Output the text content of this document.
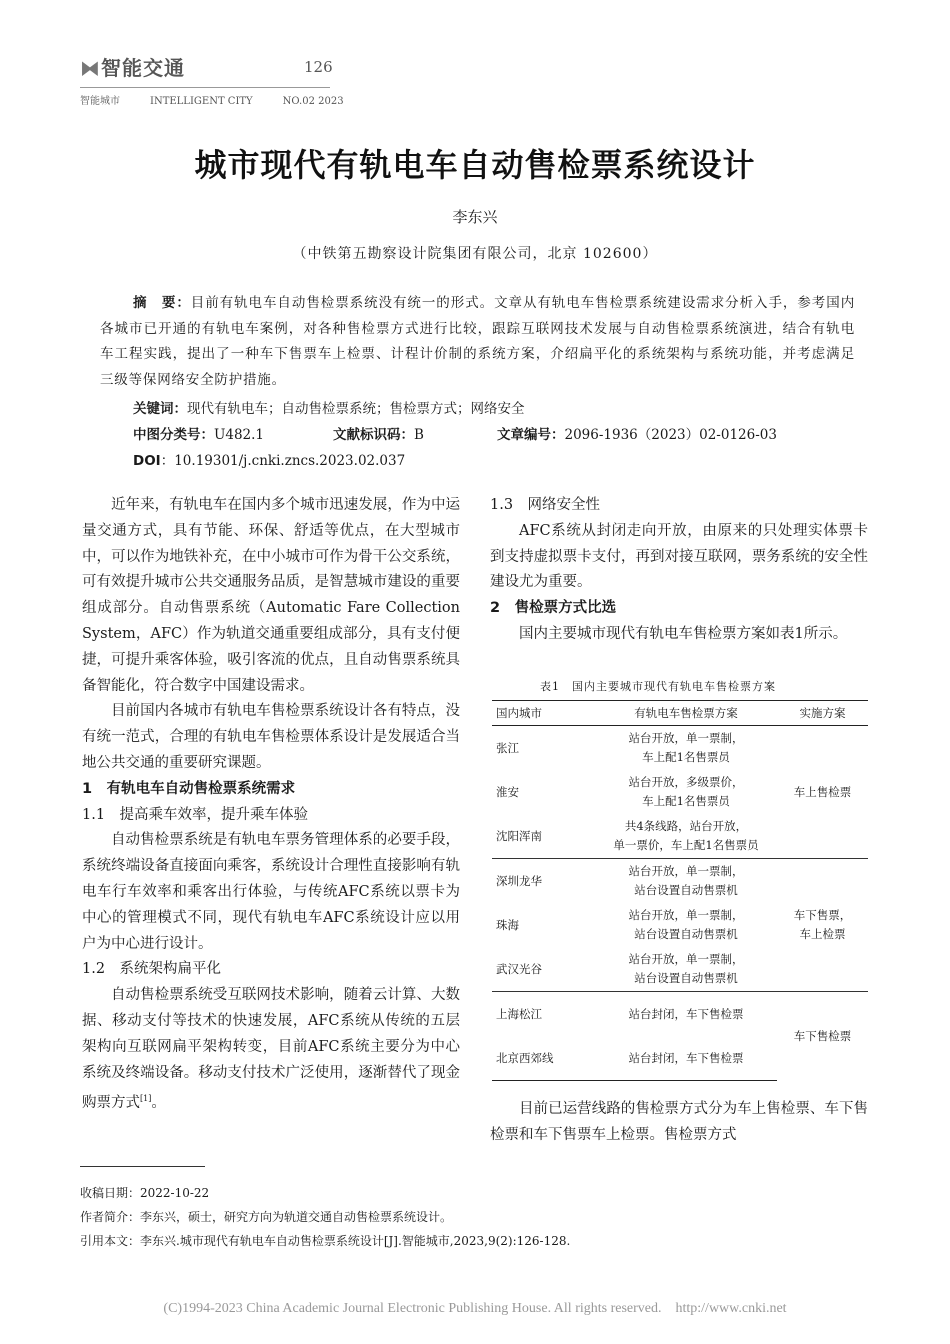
⧓智能交通	126
智能城市	INTELLIGENT CITY	NO.02 2023
城市现代有轨电车自动售检票系统设计
李东兴
（中铁第五勘察设计院集团有限公司，北京 102600）
摘　要：目前有轨电车自动售检票系统没有统一的形式。文章从有轨电车售检票系统建设需求分析入手，参考国内各城市已开通的有轨电车案例，对各种售检票方式进行比较，跟踪互联网技术发展与自动售检票系统演进，结合有轨电车工程实践，提出了一种车下售票车上检票、计程计价制的系统方案，介绍扁平化的系统架构与系统功能，并考虑满足三级等保网络安全防护措施。
关键词：现代有轨电车；自动售检票系统；售检票方式；网络安全
中图分类号：U482.1	文献标识码：B	文章编号：2096-1936（2023）02-0126-03
DOI：10.19301/j.cnki.zncs.2023.02.037

近年来，有轨电车在国内多个城市迅速发展，作为中运量交通方式，具有节能、环保、舒适等优点，在大型城市中，可以作为地铁补充，在中小城市可作为骨干公交系统，可有效提升城市公共交通服务品质，是智慧城市建设的重要组成部分。自动售票系统（Automatic Fare Collection System，AFC）作为轨道交通重要组成部分，具有支付便捷，可提升乘客体验，吸引客流的优点，且自动售票系统具备智能化，符合数字中国建设需求。

目前国内各城市有轨电车售检票系统设计各有特点，没有统一范式，合理的有轨电车售检票体系设计是发展适合当地公共交通的重要研究课题。

1　有轨电车自动售检票系统需求

1.1　提高乘车效率，提升乘车体验

自动售检票系统是有轨电车票务管理体系的必要手段，系统终端设备直接面向乘客，系统设计合理性直接影响有轨电车行车效率和乘客出行体验，与传统AFC系统以票卡为中心的管理模式不同，现代有轨电车AFC系统设计应以用户为中心进行设计。

1.2　系统架构扁平化

自动售检票系统受互联网技术影响，随着云计算、大数据、移动支付等技术的快速发展，AFC系统从传统的五层架构向互联网扁平架构转变，目前AFC系统主要分为中心系统及终端设备。移动支付技术广泛使用，逐渐替代了现金购票方式[1]。

1.3　网络安全性

AFC系统从封闭走向开放，由原来的只处理实体票卡到支持虚拟票卡支付，再到对接互联网，票务系统的安全性建设尤为重要。

2　售检票方式比选

国内主要城市现代有轨电车售检票方案如表1所示。

表1　国内主要城市现代有轨电车售检票方案
国内城市	有轨电车售检票方案	实施方案
张江	站台开放，单一票制，
车上配1名售票员	车上售检票
淮安	站台开放，多级票价，
车上配1名售票员	
沈阳浑南	共4条线路，站台开放，
单一票价，车上配1名售票员	
深圳龙华	站台开放，单一票制，
站台设置自动售票机	车下售票，
车上检票
珠海	站台开放，单一票制，
站台设置自动售票机	
武汉光谷	站台开放，单一票制，
站台设置自动售票机	
上海松江	站台封闭，车下售检票	车下售检票
北京西郊线	站台封闭，车下售检票	

目前已运营线路的售检票方式分为车上售检票、车下售检票和车下售票车上检票。售检票方式

收稿日期：2022-10-22
作者简介：李东兴，硕士，研究方向为轨道交通自动售检票系统设计。
引用本文：李东兴.城市现代有轨电车自动售检票系统设计[J].智能城市,2023,9(2):126-128.
(C)1994-2023 China Academic Journal Electronic Publishing House. All rights reserved.　http://www.cnki.net
